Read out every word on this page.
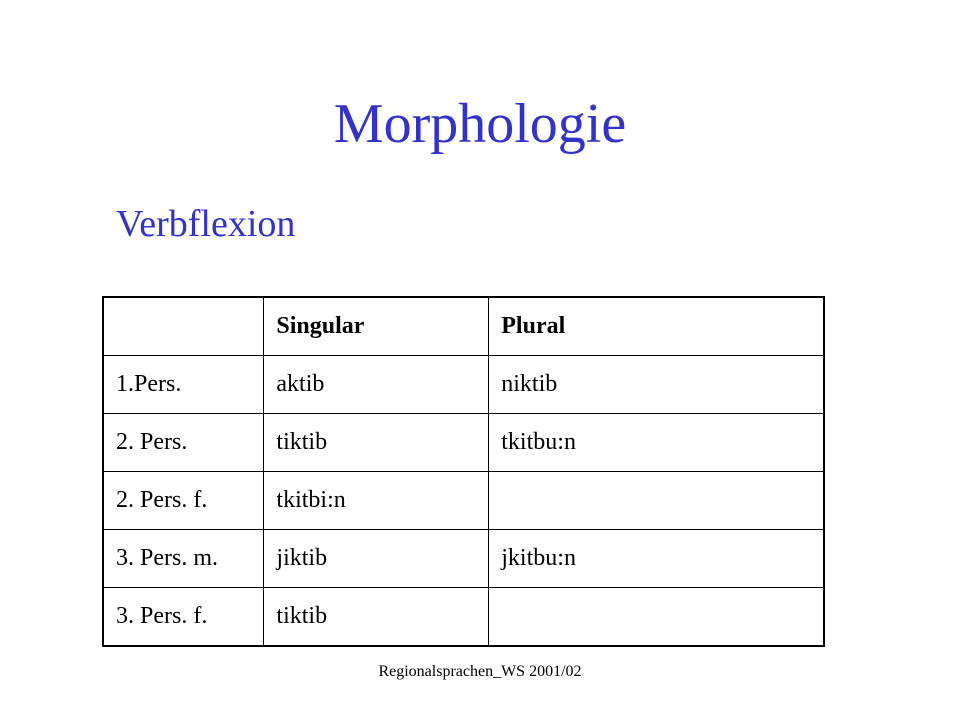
Morphologie
Verbflexion
	Singular	Plural
1.Pers.	aktib	niktib
2. Pers.	tiktib	tkitbu:n
2. Pers. f.	tkitbi:n	
3. Pers. m.	jiktib	jkitbu:n
3. Pers. f.	tiktib	
Regionalsprachen_WS 2001/02
